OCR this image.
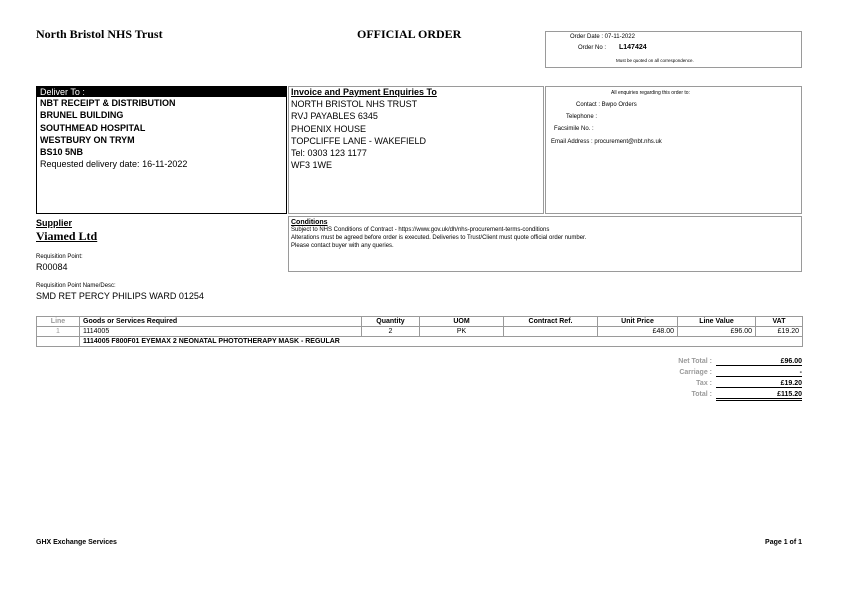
North Bristol NHS Trust	OFFICIAL ORDER	Order Date : 07-11-2022
Order No : L147424
Must be quoted on all correspondence.
Deliver To :
NBT RECEIPT & DISTRIBUTION
BRUNEL BUILDING
SOUTHMEAD HOSPITAL
WESTBURY ON TRYM
BS10 5NB
Requested delivery date: 16-11-2022
Invoice and Payment Enquiries To
NORTH BRISTOL NHS TRUST
RVJ PAYABLES 6345
PHOENIX HOUSE
TOPCLIFFE LANE - WAKEFIELD
Tel: 0303 123 1177
WF3 1WE
All enquiries regarding this order to:
Contact : Bwpo Orders
Telephone :
Facsimile No. :
Email Address : procurement@nbt.nhs.uk
Supplier
Viamed Ltd
Requisition Point:
R00084
Requisition Point Name/Desc:
SMD RET PERCY PHILIPS WARD 01254
Conditions
Subject to NHS Conditions of Contract - https://www.gov.uk/dh/nhs-procurement-terms-conditions
Alterations must be agreed before order is executed. Deliveries to Trust/Client must quote official order number.
Please contact buyer with any queries.
Line	Goods or Services Required	Quantity	UOM	Contract Ref.	Unit Price	Line Value	VAT
1	1114005	2	PK		£48.00	£96.00	£19.20
	1114005 F800F01 EYEMAX 2 NEONATAL PHOTOTHERAPY MASK - REGULAR						
Net Total :	£96.00
Carriage :	-
Tax :	£19.20
Total :	£115.20
GHX Exchange Services	Page 1 of 1
